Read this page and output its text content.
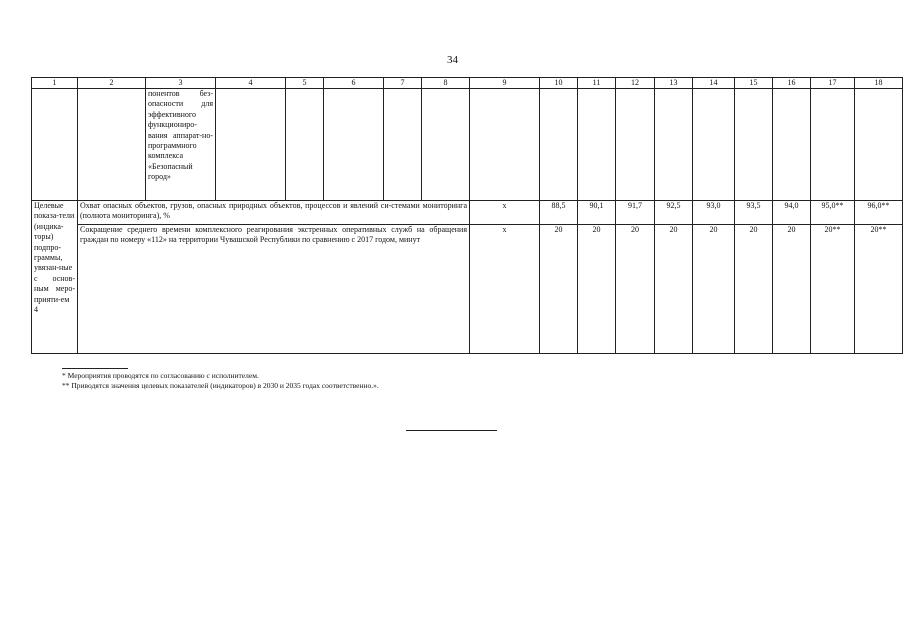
34
1	2	3	4	5	6	7	8	9	10	11	12	13	14	15	16	17	18
		понентов без-опасности для эффективного функциониро-вания аппарат-но-программного комплекса «Безопасный город»															
Целевые показа-тели (индика-торы) подпро-граммы, увязан-ные с основ-ным меро-прияти-ем 4	Охват опасных объектов, грузов, опасных природных объектов, процессов и явлений си-стемами мониторинга (полнота мониторинга), %							х	88,5	90,1	91,7	92,5	93,0	93,5	94,0	95,0**	96,0**
	Сокращение среднего времени комплексного реагирования экстренных оперативных служб на обращения граждан по номеру «112» на территории Чувашской Республики по сравнению с 2017 годом, минут							х	20	20	20	20	20	20	20	20**	20**
* Мероприятия проводятся по согласованию с исполнителем.
** Приводятся значения целевых показателей (индикаторов) в 2030 и 2035 годах соответственно.».
